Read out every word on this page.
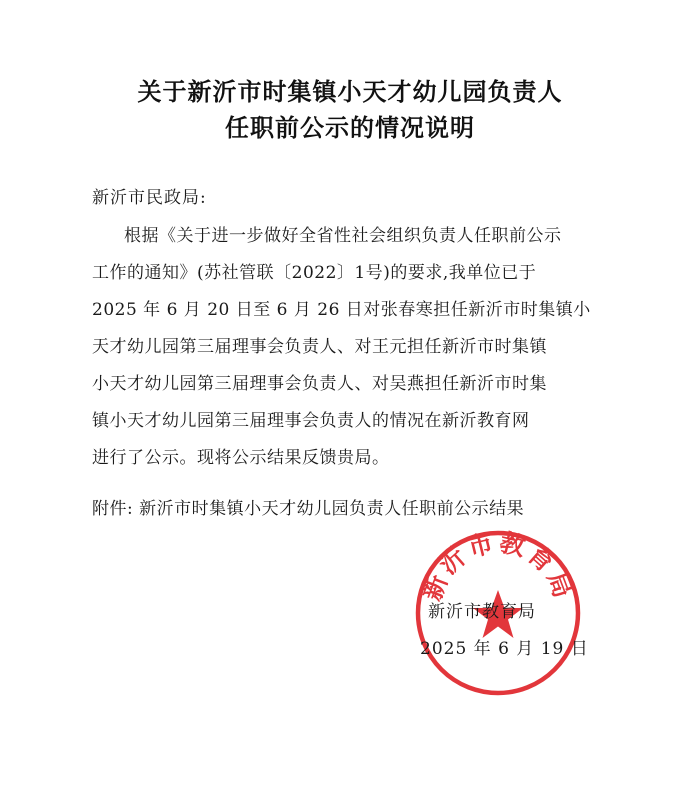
关于新沂市时集镇小天才幼儿园负责人
任职前公示的情况说明
新沂市民政局:
根据《关于进一步做好全省性社会组织负责人任职前公示
工作的通知》(苏社管联〔2022〕1号)的要求,我单位已于
2025 年 6 月 20 日至 6 月 26 日对张春寒担任新沂市时集镇小
天才幼儿园第三届理事会负责人、对王元担任新沂市时集镇
小天才幼儿园第三届理事会负责人、对吴燕担任新沂市时集
镇小天才幼儿园第三届理事会负责人的情况在新沂教育网
进行了公示。现将公示结果反馈贵局。
附件: 新沂市时集镇小天才幼儿园负责人任职前公示结果
新沂市教育局
新沂市教育局
2025 年 6 月 19 日
